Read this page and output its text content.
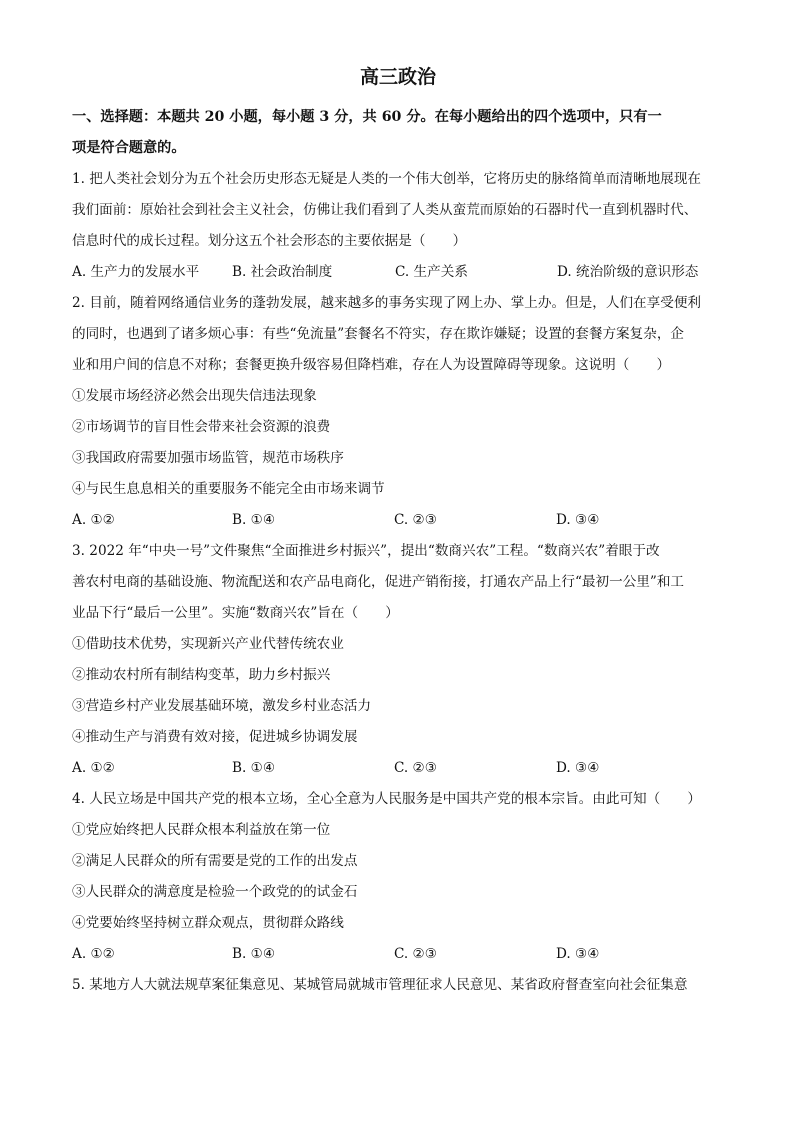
高三政治

一、选择题：本题共 20 小题，每小题 3 分，共 60 分。在每小题给出的四个选项中，只有一

项是符合题意的。

1. 把人类社会划分为五个社会历史形态无疑是人类的一个伟大创举，它将历史的脉络简单而清晰地展现在

我们面前：原始社会到社会主义社会，仿佛让我们看到了人类从蛮荒而原始的石器时代一直到机器时代、

信息时代的成长过程。划分这五个社会形态的主要依据是（　　）

A. 生产力的发展水平	B. 社会政治制度	C. 生产关系	D. 统治阶级的意识形态

2. 目前，随着网络通信业务的蓬勃发展，越来越多的事务实现了网上办、掌上办。但是，人们在享受便利

的同时，也遇到了诸多烦心事：有些“免流量”套餐名不符实，存在欺诈嫌疑；设置的套餐方案复杂，企

业和用户间的信息不对称；套餐更换升级容易但降档难，存在人为设置障碍等现象。这说明（　　）

①发展市场经济必然会出现失信违法现象

②市场调节的盲目性会带来社会资源的浪费

③我国政府需要加强市场监管，规范市场秩序

④与民生息息相关的重要服务不能完全由市场来调节

A. ①②	B. ①④	C. ②③	D. ③④

3. 2022 年“中央一号”文件聚焦“全面推进乡村振兴”，提出“数商兴农”工程。“数商兴农”着眼于改

善农村电商的基础设施、物流配送和农产品电商化，促进产销衔接，打通农产品上行“最初一公里”和工

业品下行“最后一公里”。实施“数商兴农”旨在（　　）

①借助技术优势，实现新兴产业代替传统农业

②推动农村所有制结构变革，助力乡村振兴

③营造乡村产业发展基础环境，激发乡村业态活力

④推动生产与消费有效对接，促进城乡协调发展

A. ①②	B. ①④	C. ②③	D. ③④

4. 人民立场是中国共产党的根本立场，全心全意为人民服务是中国共产党的根本宗旨。由此可知（　　）

①党应始终把人民群众根本利益放在第一位

②满足人民群众的所有需要是党的工作的出发点

③人民群众的满意度是检验一个政党的的试金石

④党要始终坚持树立群众观点，贯彻群众路线

A. ①②	B. ①④	C. ②③	D. ③④

5. 某地方人大就法规草案征集意见、某城管局就城市管理征求人民意见、某省政府督查室向社会征集意
